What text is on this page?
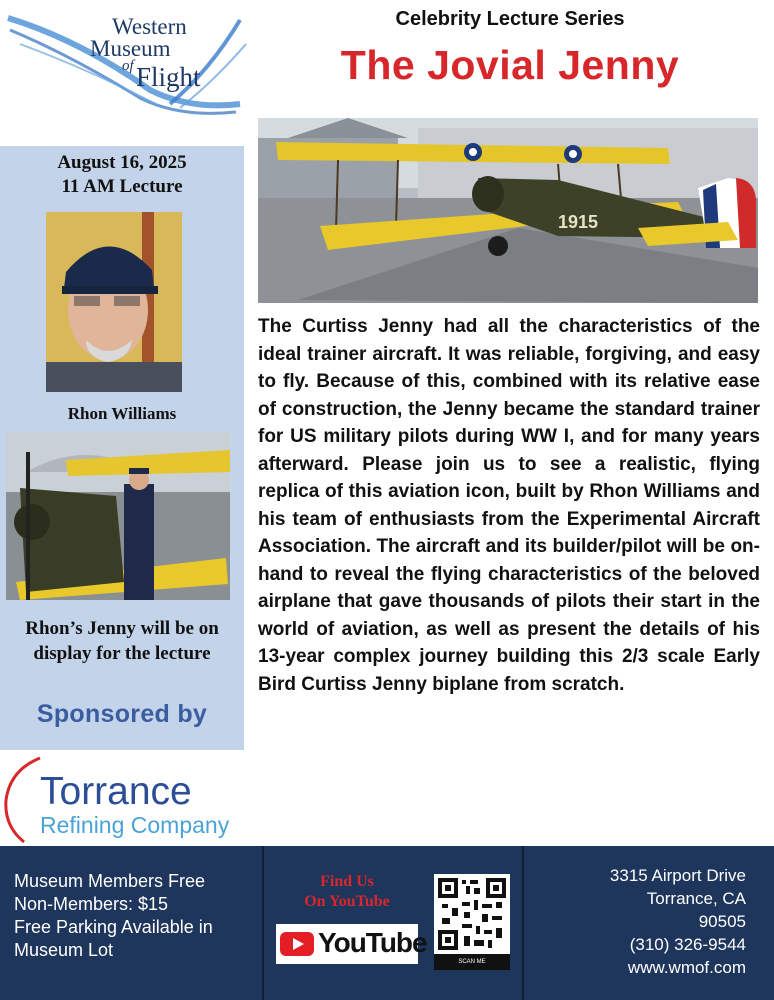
Western
Museum
of Flight
Celebrity Lecture Series
The Jovial Jenny
1915
August 16, 2025
11 AM Lecture
Rhon Williams
Rhon’s Jenny will be on
display for the lecture
Sponsored by
Torrance
Refining Company
The Curtiss Jenny had all the characteristics of the ideal trainer aircraft. It was reliable, forgiving, and easy to fly. Because of this, combined with its relative ease of construction, the Jenny became the standard trainer for US military pilots during WW I, and for many years afterward. Please join us to see a realistic, flying replica of this aviation icon, built by Rhon Williams and his team of enthusiasts from the Experimental Aircraft Association. The aircraft and its builder/pilot will be on-hand to reveal the flying characteristics of the beloved airplane that gave thousands of pilots their start in the world of aviation, as well as present the details of his 13-year complex journey building this 2/3 scale Early Bird Curtiss Jenny biplane from scratch.
Museum Members Free
Non-Members: $15
Free Parking Available in
Museum Lot
Find Us
On YouTube
YouTube
SCAN ME
3315 Airport Drive
Torrance, CA
90505
(310) 326-9544
www.wmof.com
